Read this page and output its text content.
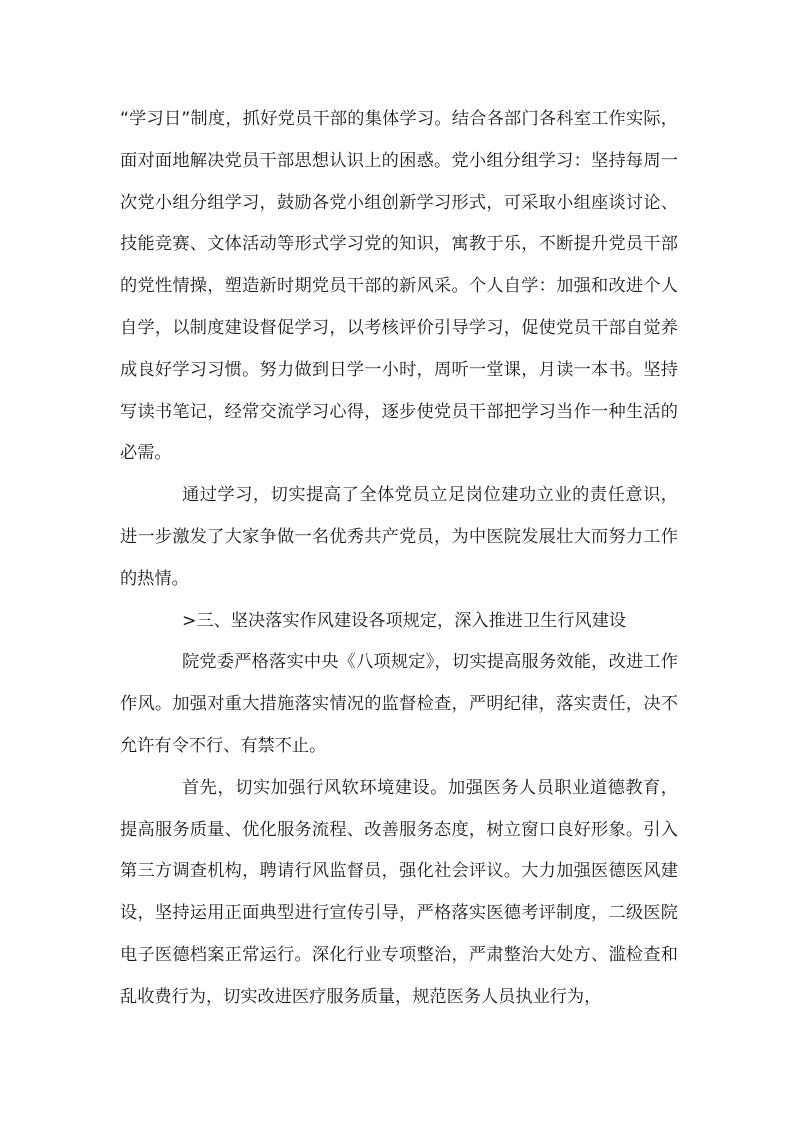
“学习日”制度，抓好党员干部的集体学习。结合各部门各科室工作实际，面对面地解决党员干部思想认识上的困惑。党小组分组学习：坚持每周一次党小组分组学习，鼓励各党小组创新学习形式，可采取小组座谈讨论、技能竞赛、文体活动等形式学习党的知识，寓教于乐，不断提升党员干部的党性情操，塑造新时期党员干部的新风采。个人自学：加强和改进个人自学，以制度建设督促学习，以考核评价引导学习，促使党员干部自觉养成良好学习习惯。努力做到日学一小时，周听一堂课，月读一本书。坚持写读书笔记，经常交流学习心得，逐步使党员干部把学习当作一种生活的必需。

通过学习，切实提高了全体党员立足岗位建功立业的责任意识，进一步激发了大家争做一名优秀共产党员，为中医院发展壮大而努力工作的热情。

>三、坚决落实作风建设各项规定，深入推进卫生行风建设

院党委严格落实中央《八项规定》，切实提高服务效能，改进工作作风。加强对重大措施落实情况的监督检查，严明纪律，落实责任，决不允许有令不行、有禁不止。

首先，切实加强行风软环境建设。加强医务人员职业道德教育，提高服务质量、优化服务流程、改善服务态度，树立窗口良好形象。引入第三方调查机构，聘请行风监督员，强化社会评议。大力加强医德医风建设，坚持运用正面典型进行宣传引导，严格落实医德考评制度，二级医院电子医德档案正常运行。深化行业专项整治，严肃整治大处方、滥检查和乱收费行为，切实改进医疗服务质量，规范医务人员执业行为，
